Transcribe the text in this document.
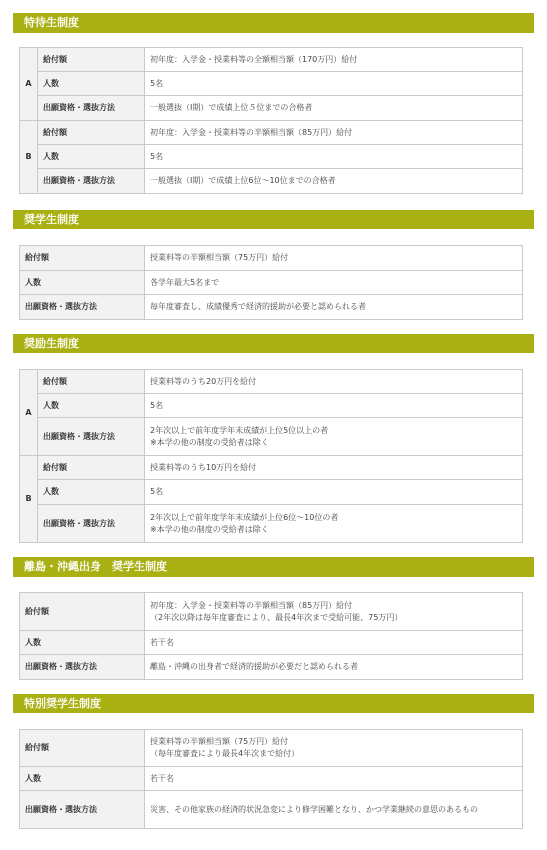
特待生制度
A	給付額	初年度：入学金・授業料等の全額相当額（170万円）給付
	人数	5名
	出願資格・選抜方法	一般選抜（Ⅰ期）で成績上位５位までの合格者
B	給付額	初年度：入学金・授業料等の半額相当額（85万円）給付
	人数	5名
	出願資格・選抜方法	一般選抜（Ⅰ期）で成績上位6位～10位までの合格者
奨学生制度
給付額	授業料等の半額相当額（75万円）給付
人数	各学年最大5名まで
出願資格・選抜方法	毎年度審査し、成績優秀で経済的援助が必要と認められる者
奨励生制度
A	給付額	授業料等のうち20万円を給付
	人数	5名
	出願資格・選抜方法	2年次以上で前年度学年末成績が上位5位以上の者
※本学の他の制度の受給者は除く

B	給付額	授業料等のうち10万円を給付
	人数	5名
	出願資格・選抜方法	2年次以上で前年度学年末成績が上位6位～10位の者
※本学の他の制度の受給者は除く
離島・沖縄出身　奨学生制度
給付額	初年度：入学金・授業料等の半額相当額（85万円）給付
（2年次以降は毎年度審査により、最長4年次まで受給可能、75万円）

人数	若干名
出願資格・選抜方法	離島・沖縄の出身者で経済的援助が必要だと認められる者
特別奨学生制度
給付額	授業料等の半額相当額（75万円）給付
（毎年度審査により最長4年次まで給付）

人数	若干名
出願資格・選抜方法	災害、その他家族の経済的状況急変により修学困難となり、かつ学業継続の意思のあるもの
